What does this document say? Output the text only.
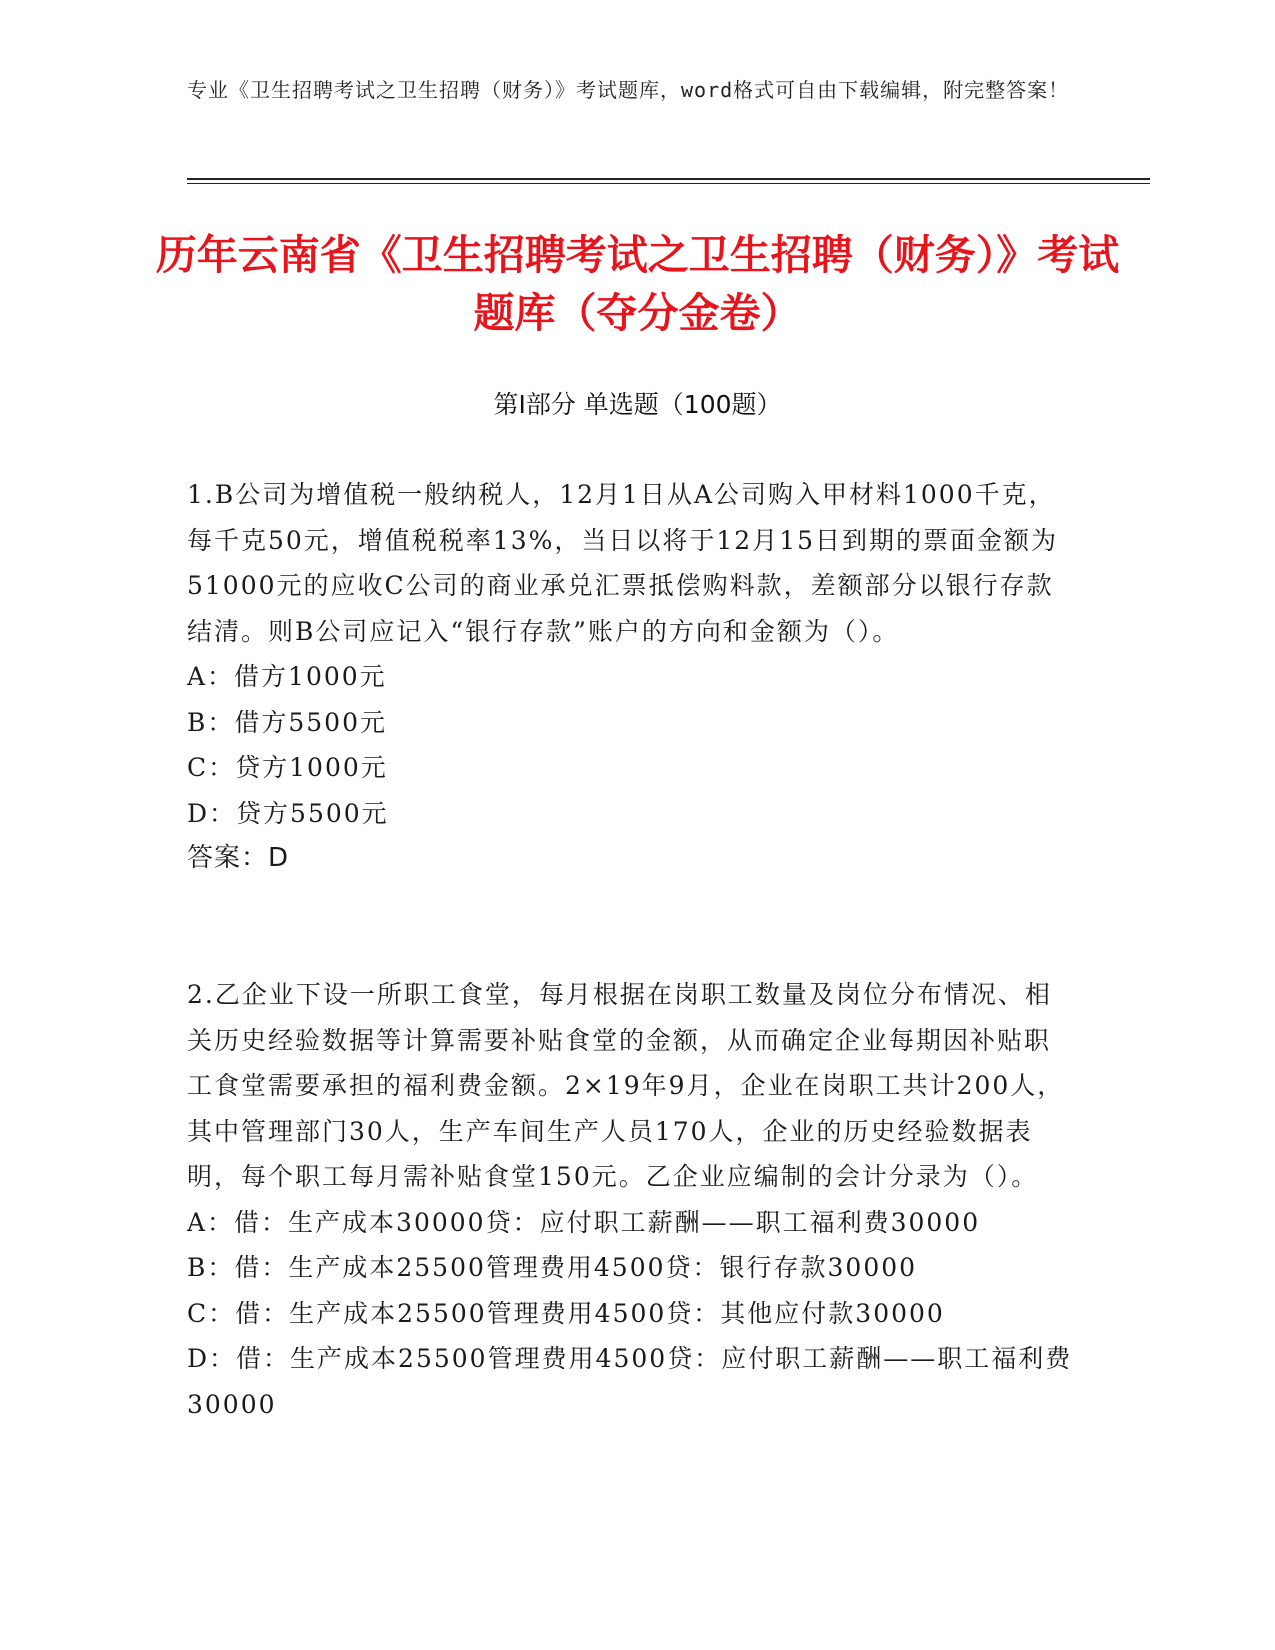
专业《卫生招聘考试之卫生招聘（财务）》考试题库，word格式可自由下载编辑，附完整答案！
历年云南省《卫生招聘考试之卫生招聘（财务）》考试题库（夺分金卷）
第I部分 单选题（100题）
1.B公司为增值税一般纳税人，12月1日从A公司购入甲材料1000千克，每千克50元，增值税税率13%，当日以将于12月15日到期的票面金额为51000元的应收C公司的商业承兑汇票抵偿购料款，差额部分以银行存款结清。则B公司应记入“银行存款”账户的方向和金额为（）。
A：借方1000元
B：借方5500元
C：贷方1000元
D：贷方5500元
答案：D
2.乙企业下设一所职工食堂，每月根据在岗职工数量及岗位分布情况、相关历史经验数据等计算需要补贴食堂的金额，从而确定企业每期因补贴职工食堂需要承担的福利费金额。2×19年9月，企业在岗职工共计200人，其中管理部门30人，生产车间生产人员170人，企业的历史经验数据表明，每个职工每月需补贴食堂150元。乙企业应编制的会计分录为（）。
A：借：生产成本30000贷：应付职工薪酬——职工福利费30000
B：借：生产成本25500管理费用4500贷：银行存款30000
C：借：生产成本25500管理费用4500贷：其他应付款30000
D：借：生产成本25500管理费用4500贷：应付职工薪酬——职工福利费30000
